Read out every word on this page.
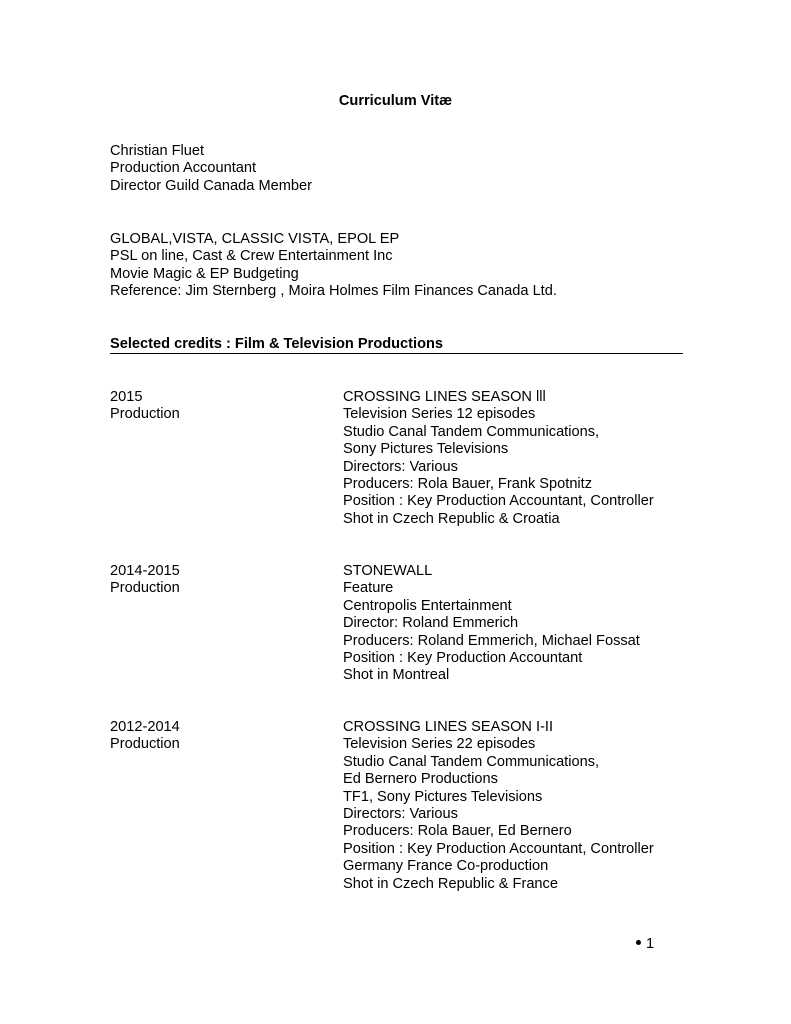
Curriculum Vitæ
Christian Fluet
Production Accountant
Director Guild Canada Member
GLOBAL,VISTA, CLASSIC VISTA, EPOL EP
PSL on line, Cast & Crew Entertainment Inc
Movie Magic & EP Budgeting
Reference: Jim Sternberg , Moira Holmes Film Finances Canada Ltd.
Selected credits : Film & Television Productions
2015
Production
CROSSING LINES SEASON lll
Television Series 12 episodes
Studio Canal Tandem Communications,
Sony Pictures Televisions
Directors: Various
Producers: Rola Bauer, Frank Spotnitz
Position : Key Production Accountant, Controller
Shot in Czech Republic & Croatia
2014-2015
Production
STONEWALL
Feature
Centropolis Entertainment
Director: Roland Emmerich
Producers: Roland Emmerich, Michael Fossat
Position : Key Production Accountant
Shot in Montreal
2012-2014
Production
CROSSING LINES SEASON I-II
Television Series 22 episodes
Studio Canal Tandem Communications,
Ed Bernero Productions
TF1, Sony Pictures Televisions
Directors: Various
Producers: Rola Bauer, Ed Bernero
Position : Key Production Accountant, Controller
Germany France Co-production
Shot in Czech Republic & France
1
